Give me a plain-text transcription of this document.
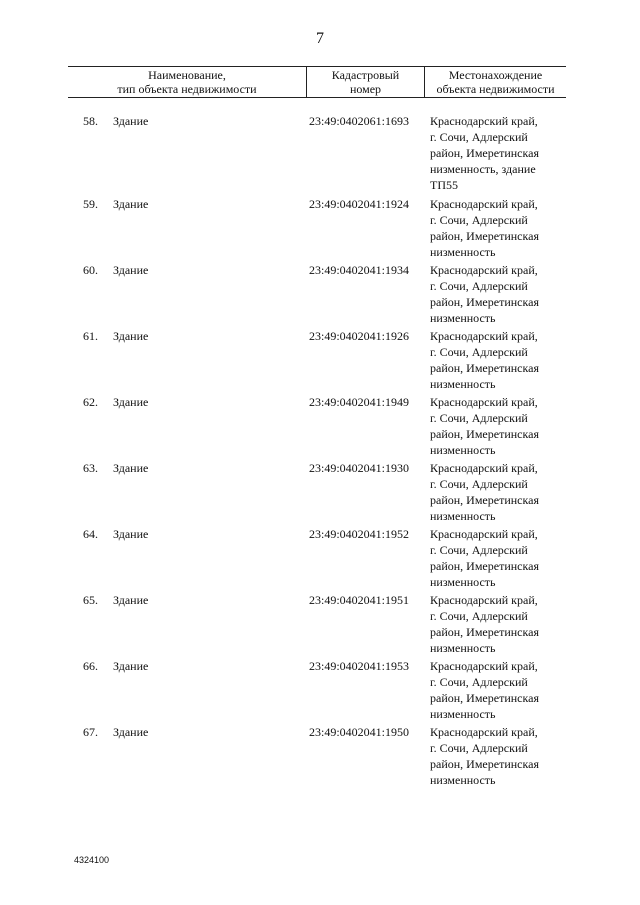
7
Наименование,
тип объекта недвижимости
Кадастровый
номер
Местонахождение
объекта недвижимости
58. Здание	23:49:0402061:1693 Краснодарский край,
г. Сочи, Адлерский
район, Имеретинская
низменность, здание
ТП55
59. Здание	23:49:0402041:1924 Краснодарский край,
г. Сочи, Адлерский
район, Имеретинская
низменность
60. Здание	23:49:0402041:1934 Краснодарский край,
г. Сочи, Адлерский
район, Имеретинская
низменность
61. Здание	23:49:0402041:1926 Краснодарский край,
г. Сочи, Адлерский
район, Имеретинская
низменность
62. Здание	23:49:0402041:1949 Краснодарский край,
г. Сочи, Адлерский
район, Имеретинская
низменность
63. Здание	23:49:0402041:1930 Краснодарский край,
г. Сочи, Адлерский
район, Имеретинская
низменность
64. Здание	23:49:0402041:1952 Краснодарский край,
г. Сочи, Адлерский
район, Имеретинская
низменность
65. Здание	23:49:0402041:1951 Краснодарский край,
г. Сочи, Адлерский
район, Имеретинская
низменность
66. Здание	23:49:0402041:1953 Краснодарский край,
г. Сочи, Адлерский
район, Имеретинская
низменность
67. Здание	23:49:0402041:1950 Краснодарский край,
г. Сочи, Адлерский
район, Имеретинская
низменность
4324100
